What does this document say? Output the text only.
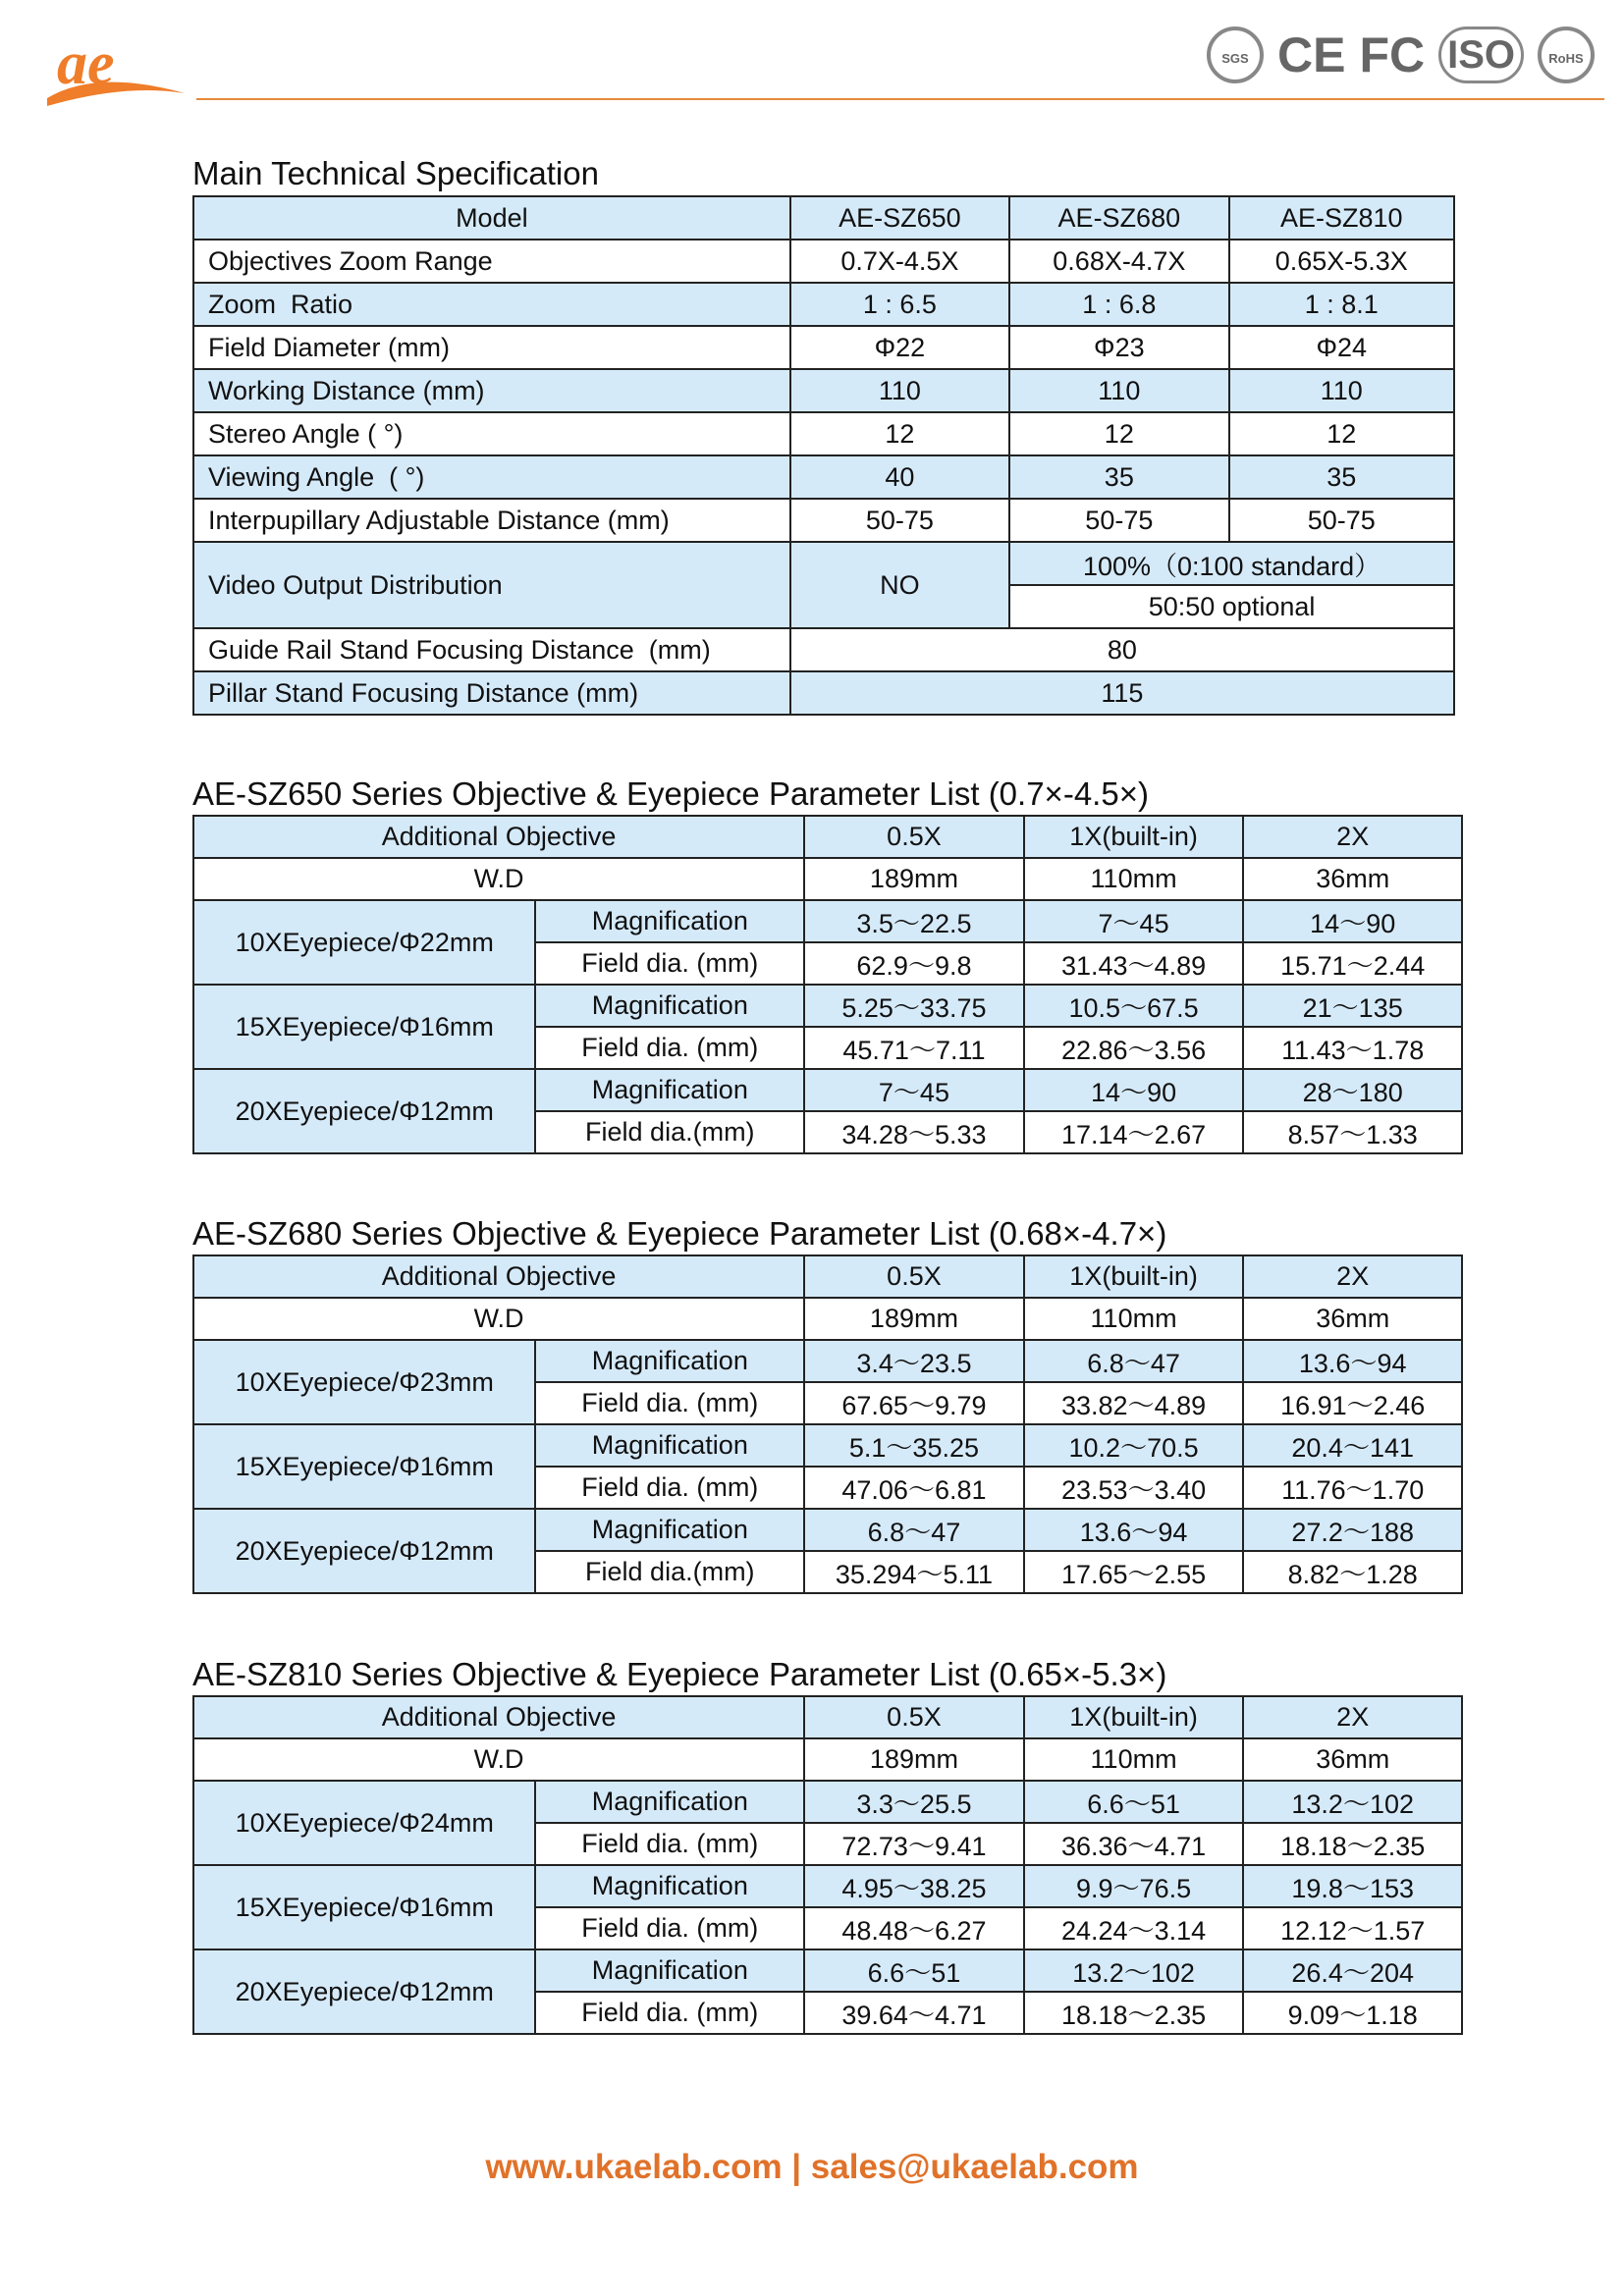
ae	SGS CE FC ISO	RoHS
Main Technical Specification
Model	AE-SZ650	AE-SZ680	AE-SZ810
Objectives Zoom Range	0.7X-4.5X	0.68X-4.7X	0.65X-5.3X
Zoom  Ratio	1 : 6.5	1 : 6.8	1 : 8.1
Field Diameter (mm)	Φ22	Φ23	Φ24
Working Distance (mm)	110	110	110
Stereo Angle ( °)	12	12	12
Viewing Angle  ( °)	40	35	35
Interpupillary Adjustable Distance (mm)	50-75	50-75	50-75
Video Output Distribution	NO	100%（0:100 standard）	
		50:50 optional	
Guide Rail Stand Focusing Distance  (mm)	80		
Pillar Stand Focusing Distance (mm)	115		
AE-SZ650 Series Objective & Eyepiece Parameter List (0.7×-4.5×)
Additional Objective		0.5X	1X(built-in)	2X
W.D		189mm	110mm	36mm
10XEyepiece/Φ22mm	Magnification	3.5～22.5	7～45	14～90
	Field dia. (mm)	62.9～9.8	31.43～4.89	15.71～2.44
15XEyepiece/Φ16mm	Magnification	5.25～33.75	10.5～67.5	21～135
	Field dia. (mm)	45.71～7.11	22.86～3.56	11.43～1.78
20XEyepiece/Φ12mm	Magnification	7～45	14～90	28～180
	Field dia.(mm)	34.28～5.33	17.14～2.67	8.57～1.33
AE-SZ680 Series Objective & Eyepiece Parameter List (0.68×-4.7×)
Additional Objective		0.5X	1X(built-in)	2X
W.D		189mm	110mm	36mm
10XEyepiece/Φ23mm	Magnification	3.4～23.5	6.8～47	13.6～94
	Field dia. (mm)	67.65～9.79	33.82～4.89	16.91～2.46
15XEyepiece/Φ16mm	Magnification	5.1～35.25	10.2～70.5	20.4～141
	Field dia. (mm)	47.06～6.81	23.53～3.40	11.76～1.70
20XEyepiece/Φ12mm	Magnification	6.8～47	13.6～94	27.2～188
	Field dia.(mm)	35.294～5.11	17.65～2.55	8.82～1.28
AE-SZ810 Series Objective & Eyepiece Parameter List (0.65×-5.3×)
Additional Objective		0.5X	1X(built-in)	2X
W.D		189mm	110mm	36mm
10XEyepiece/Φ24mm	Magnification	3.3～25.5	6.6～51	13.2～102
	Field dia. (mm)	72.73～9.41	36.36～4.71	18.18～2.35
15XEyepiece/Φ16mm	Magnification	4.95～38.25	9.9～76.5	19.8～153
	Field dia. (mm)	48.48～6.27	24.24～3.14	12.12～1.57
20XEyepiece/Φ12mm	Magnification	6.6～51	13.2～102	26.4～204
	Field dia. (mm)	39.64～4.71	18.18～2.35	9.09～1.18
www.ukaelab.com | sales@ukaelab.com
